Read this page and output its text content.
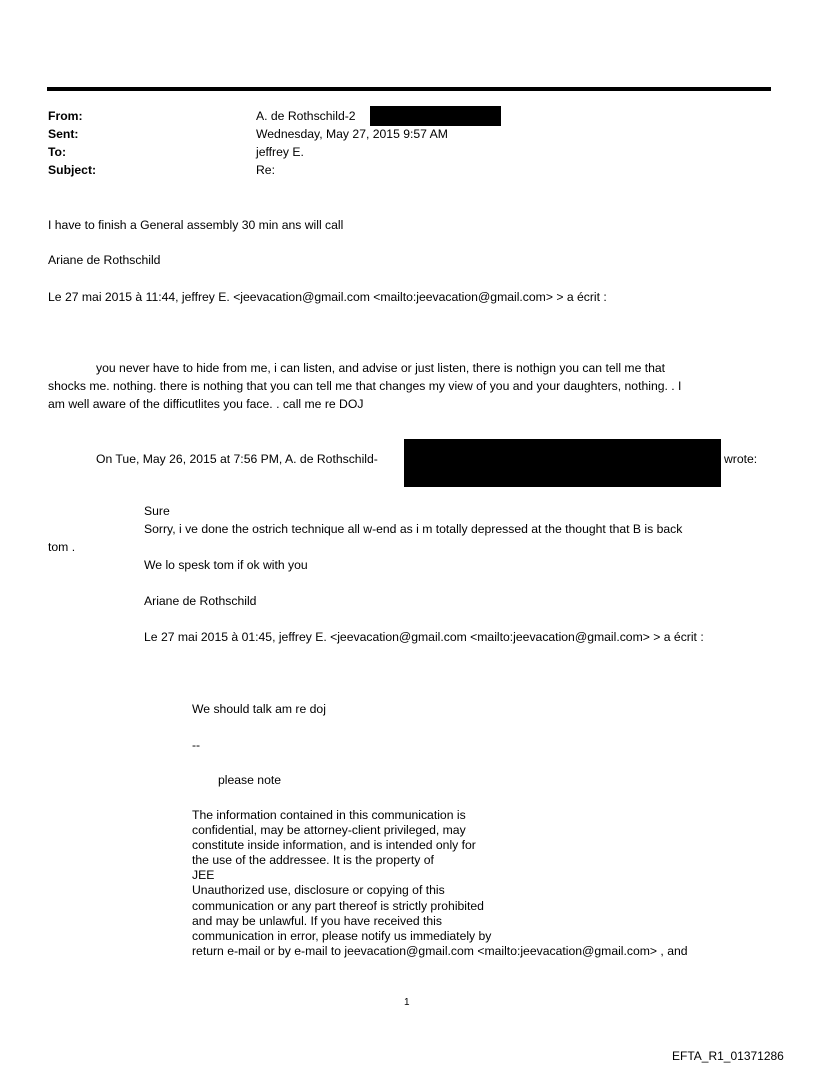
From:	A. de Rothschild-2
Sent:	Wednesday, May 27, 2015 9:57 AM
To:	jeffrey E.
Subject:	Re:
I have to finish a General assembly 30 min ans will call
Ariane de Rothschild
Le 27 mai 2015 à 11:44, jeffrey E. <jeevacation@gmail.com <mailto:jeevacation@gmail.com> > a écrit :
you never have to hide from me, i can listen, and advise or just listen, there is nothign you can tell me that
shocks me. nothing. there is nothing that you can tell me that changes my view of you and your daughters, nothing. . I
am well aware of the difficutlites you face. . call me re DOJ
On Tue, May 26, 2015 at 7:56 PM, A. de Rothschild-	wrote:
Sure
Sorry, i ve done the ostrich technique all w-end as i m totally depressed at the thought that B is back
tom .
We lo spesk tom if ok with you
Ariane de Rothschild
Le 27 mai 2015 à 01:45, jeffrey E. <jeevacation@gmail.com <mailto:jeevacation@gmail.com> > a écrit :
We should talk am re doj
--
please note
The information contained in this communication is
confidential, may be attorney-client privileged, may
constitute inside information, and is intended only for
the use of the addressee. It is the property of
JEE
Unauthorized use, disclosure or copying of this
communication or any part thereof is strictly prohibited
and may be unlawful. If you have received this
communication in error, please notify us immediately by
return e-mail or by e-mail to jeevacation@gmail.com <mailto:jeevacation@gmail.com> , and
1
EFTA_R1_01371286
